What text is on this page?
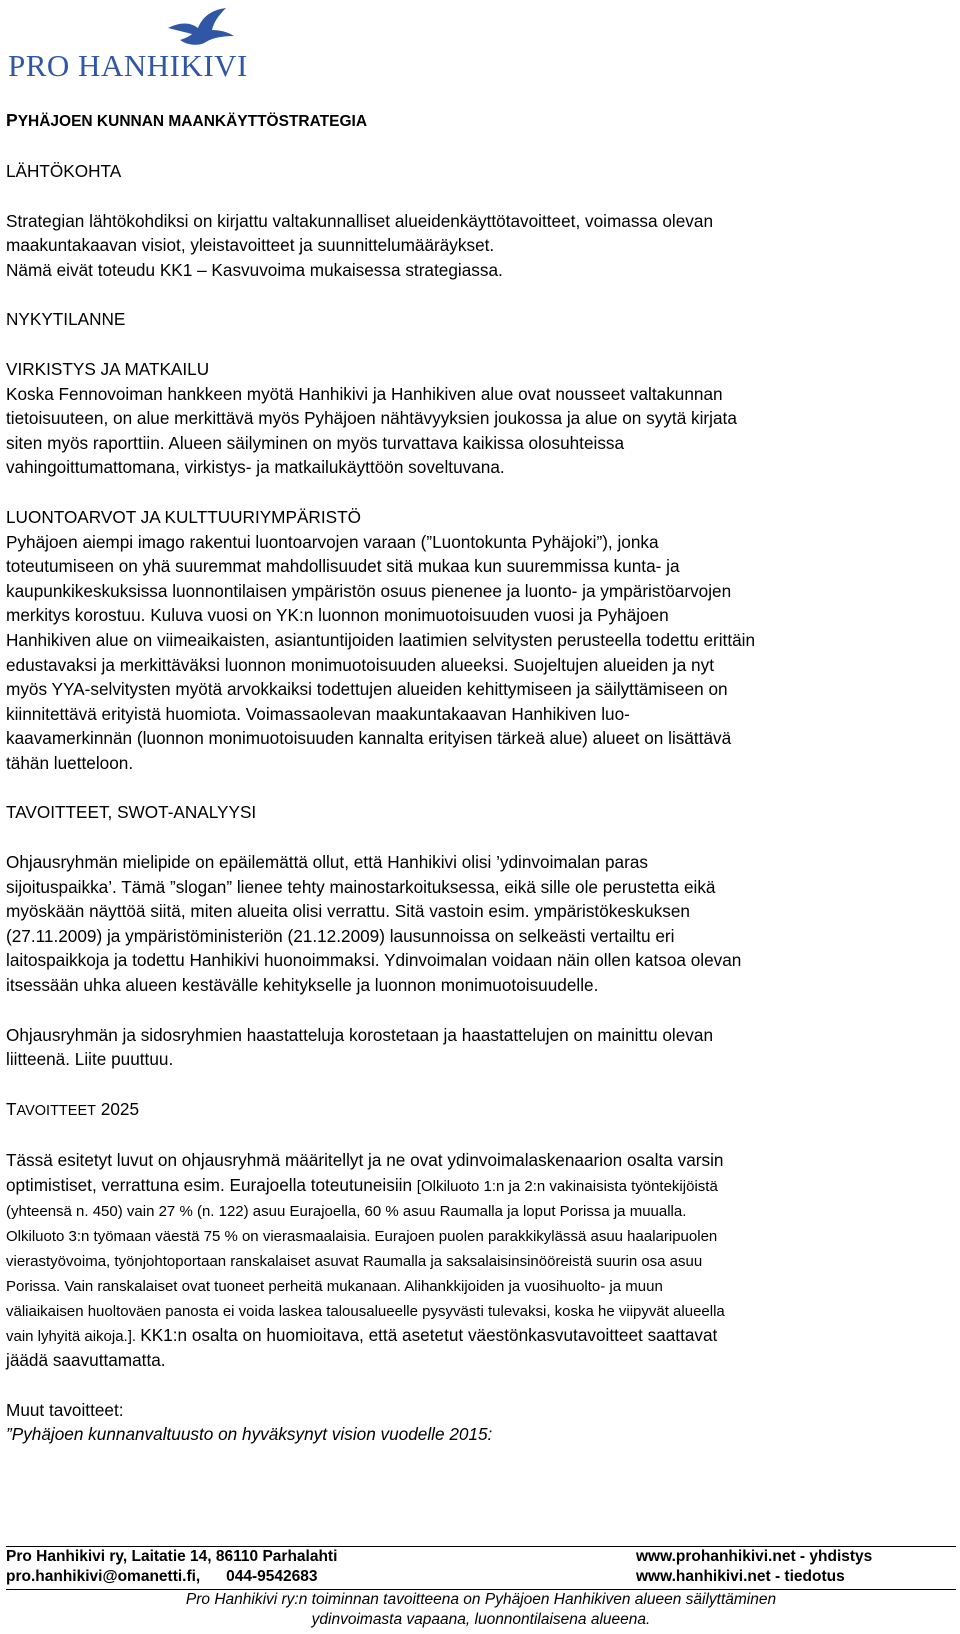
PRO HANHIKIVI

PYHÄJOEN KUNNAN MAANKÄYTTÖSTRATEGIA

LÄHTÖKOHTA

Strategian lähtökohdiksi on kirjattu valtakunnalliset alueidenkäyttötavoitteet, voimassa olevan
maakuntakaavan visiot, yleistavoitteet ja suunnittelumääräykset.
Nämä eivät toteudu KK1 – Kasvuvoima mukaisessa strategiassa.

NYKYTILANNE

VIRKISTYS JA MATKAILU

Koska Fennovoiman hankkeen myötä Hanhikivi ja Hanhikiven alue ovat nousseet valtakunnan
tietoisuuteen, on alue merkittävä myös Pyhäjoen nähtävyyksien joukossa ja alue on syytä kirjata
siten myös raporttiin. Alueen säilyminen on myös turvattava kaikissa olosuhteissa
vahingoittumattomana, virkistys- ja matkailukäyttöön soveltuvana.

LUONTOARVOT JA KULTTUURIYMPÄRISTÖ

Pyhäjoen aiempi imago rakentui luontoarvojen varaan (”Luontokunta Pyhäjoki”), jonka
toteutumiseen on yhä suuremmat mahdollisuudet sitä mukaa kun suuremmissa kunta- ja
kaupunkikeskuksissa luonnontilaisen ympäristön osuus pienenee ja luonto- ja ympäristöarvojen
merkitys korostuu. Kuluva vuosi on YK:n luonnon monimuotoisuuden vuosi ja Pyhäjoen
Hanhikiven alue on viimeaikaisten, asiantuntijoiden laatimien selvitysten perusteella todettu erittäin
edustavaksi ja merkittäväksi luonnon monimuotoisuuden alueeksi. Suojeltujen alueiden ja nyt
myös YYA-selvitysten myötä arvokkaiksi todettujen alueiden kehittymiseen ja säilyttämiseen on
kiinnitettävä erityistä huomiota. Voimassaolevan maakuntakaavan Hanhikiven luo-
kaavamerkinnän (luonnon monimuotoisuuden kannalta erityisen tärkeä alue) alueet on lisättävä
tähän luetteloon.

TAVOITTEET, SWOT-ANALYYSI

Ohjausryhmän mielipide on epäilemättä ollut, että Hanhikivi olisi ’ydinvoimalan paras
sijoituspaikka’. Tämä ”slogan” lienee tehty mainostarkoituksessa, eikä sille ole perustetta eikä
myöskään näyttöä siitä, miten alueita olisi verrattu. Sitä vastoin esim. ympäristökeskuksen
(27.11.2009) ja ympäristöministeriön (21.12.2009) lausunnoissa on selkeästi vertailtu eri
laitospaikkoja ja todettu Hanhikivi huonoimmaksi. Ydinvoimalan voidaan näin ollen katsoa olevan
itsessään uhka alueen kestävälle kehitykselle ja luonnon monimuotoisuudelle.

Ohjausryhmän ja sidosryhmien haastatteluja korostetaan ja haastattelujen on mainittu olevan
liitteenä. Liite puuttuu.

TAVOITTEET 2025

Tässä esitetyt luvut on ohjausryhmä määritellyt ja ne ovat ydinvoimalaskenaarion osalta varsin
optimistiset, verrattuna esim. Eurajoella toteutuneisiin [Olkiluoto 1:n ja 2:n vakinaisista työntekijöistä
(yhteensä n. 450) vain 27 % (n. 122) asuu Eurajoella, 60 % asuu Raumalla ja loput Porissa ja muualla.
Olkiluoto 3:n työmaan väestä 75 % on vierasmaalaisia. Eurajoen puolen parakkikylässä asuu haalaripuolen
vierastyövoima, työnjohtoportaan ranskalaiset asuvat Raumalla ja saksalaisinsinööreistä suurin osa asuu
Porissa. Vain ranskalaiset ovat tuoneet perheitä mukanaan. Alihankkijoiden ja vuosihuolto- ja muun
väliaikaisen huoltoväen panosta ei voida laskea talousalueelle pysyvästi tulevaksi, koska he viipyvät alueella
vain lyhyitä aikoja.]. KK1:n osalta on huomioitava, että asetetut väestönkasvutavoitteet saattavat
jäädä saavuttamatta.

Muut tavoitteet:

”Pyhäjoen kunnanvaltuusto on hyväksynyt vision vuodelle 2015:

Pro Hanhikivi ry, Laitatie 14, 86110 Parhalahti	www.prohanhikivi.net - yhdistys
pro.hanhikivi@omanetti.fi,      044-9542683	www.hanhikivi.net - tiedotus
Pro Hanhikivi ry:n toiminnan tavoitteena on Pyhäjoen Hanhikiven alueen säilyttäminen
ydinvoimasta vapaana, luonnontilaisena alueena.
